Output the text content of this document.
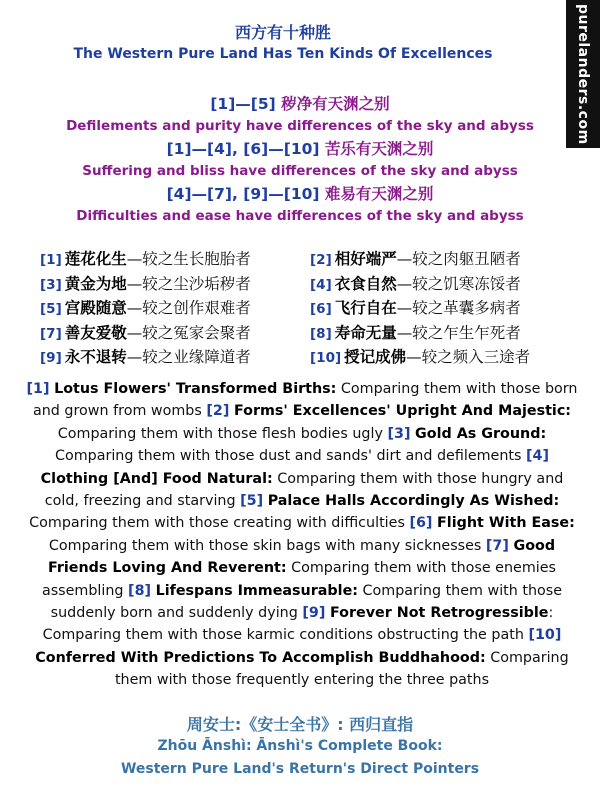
purelanders.com
西方有十种胜
The Western Pure Land Has Ten Kinds Of Excellences
[1]—[5] 秽净有天渊之别
Defilements and purity have differences of the sky and abyss
[1]—[4], [6]—[10] 苦乐有天渊之别
Suffering and bliss have differences of the sky and abyss
[4]—[7], [9]—[10] 难易有天渊之别
Difficulties and ease have differences of the sky and abyss
[1] 莲花化生—较之生长胞胎者	[2] 相好端严—较之肉躯丑陋者
[3] 黄金为地—较之尘沙垢秽者	[4] 衣食自然—较之饥寒冻馁者
[5] 宫殿随意—较之创作艰难者	[6] 飞行自在—较之革囊多病者
[7] 善友爱敬—较之冤家会聚者	[8] 寿命无量—较之乍生乍死者
[9] 永不退转—较之业缘障道者	[10] 授记成佛—较之频入三途者
[1] Lotus Flowers' Transformed Births: Comparing them with those born and grown from wombs [2] Forms' Excellences' Upright And Majestic: Comparing them with those flesh bodies ugly [3] Gold As Ground: Comparing them with those dust and sands' dirt and defilements [4] Clothing [And] Food Natural: Comparing them with those hungry and cold, freezing and starving [5] Palace Halls Accordingly As Wished: Comparing them with those creating with difficulties [6] Flight With Ease: Comparing them with those skin bags with many sicknesses [7] Good Friends Loving And Reverent: Comparing them with those enemies assembling [8] Lifespans Immeasurable: Comparing them with those suddenly born and suddenly dying [9] Forever Not Retrogressible: Comparing them with those karmic conditions obstructing the path [10] Conferred With Predictions To Accomplish Buddhahood: Comparing them with those frequently entering the three paths
周安士:《安士全书》: 西归直指
Zhōu Ānshì: Ānshì's Complete Book:
Western Pure Land's Return's Direct Pointers
